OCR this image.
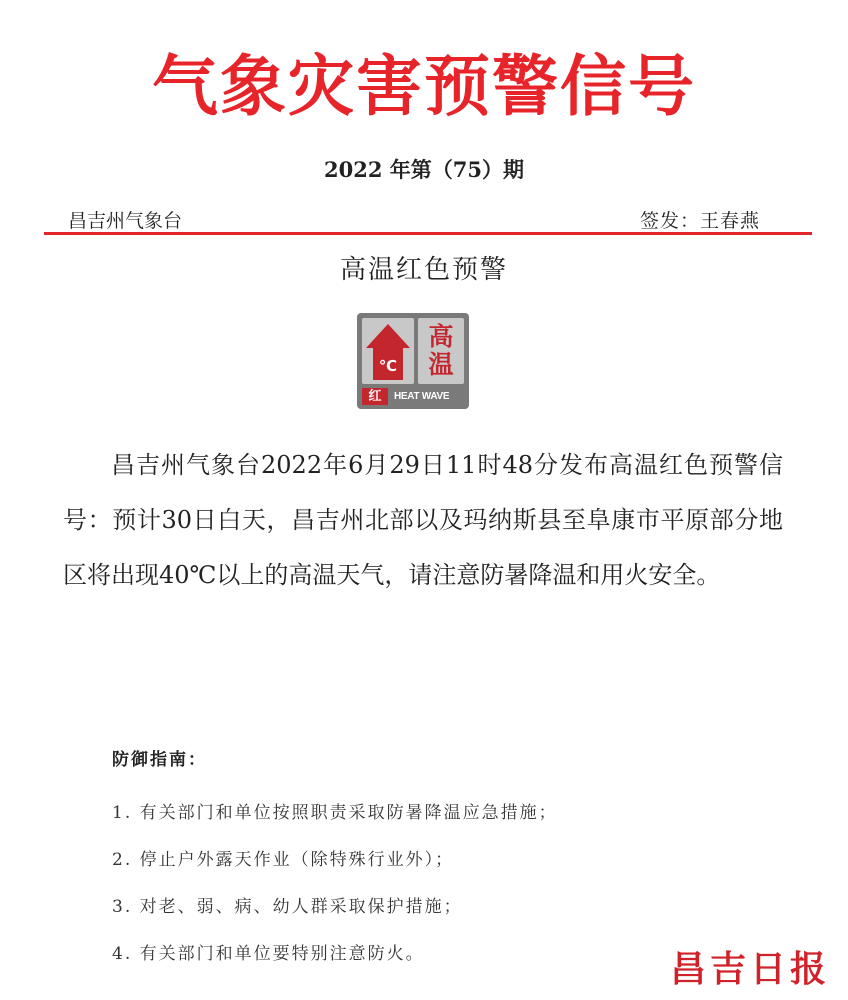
气象灾害预警信号
2022 年第（75）期
昌吉州气象台	签发：王春燕
高温红色预警
℃
高
温
红	HEAT WAVE

昌吉州气象台2022年6月29日11时48分发布高温红色预警信号：预计30日白天，昌吉州北部以及玛纳斯县至阜康市平原部分地区将出现40℃以上的高温天气，请注意防暑降温和用火安全。

防御指南：
1. 有关部门和单位按照职责采取防暑降温应急措施；
2. 停止户外露天作业（除特殊行业外）；
3. 对老、弱、病、幼人群采取保护措施；
4. 有关部门和单位要特别注意防火。	昌吉日报
